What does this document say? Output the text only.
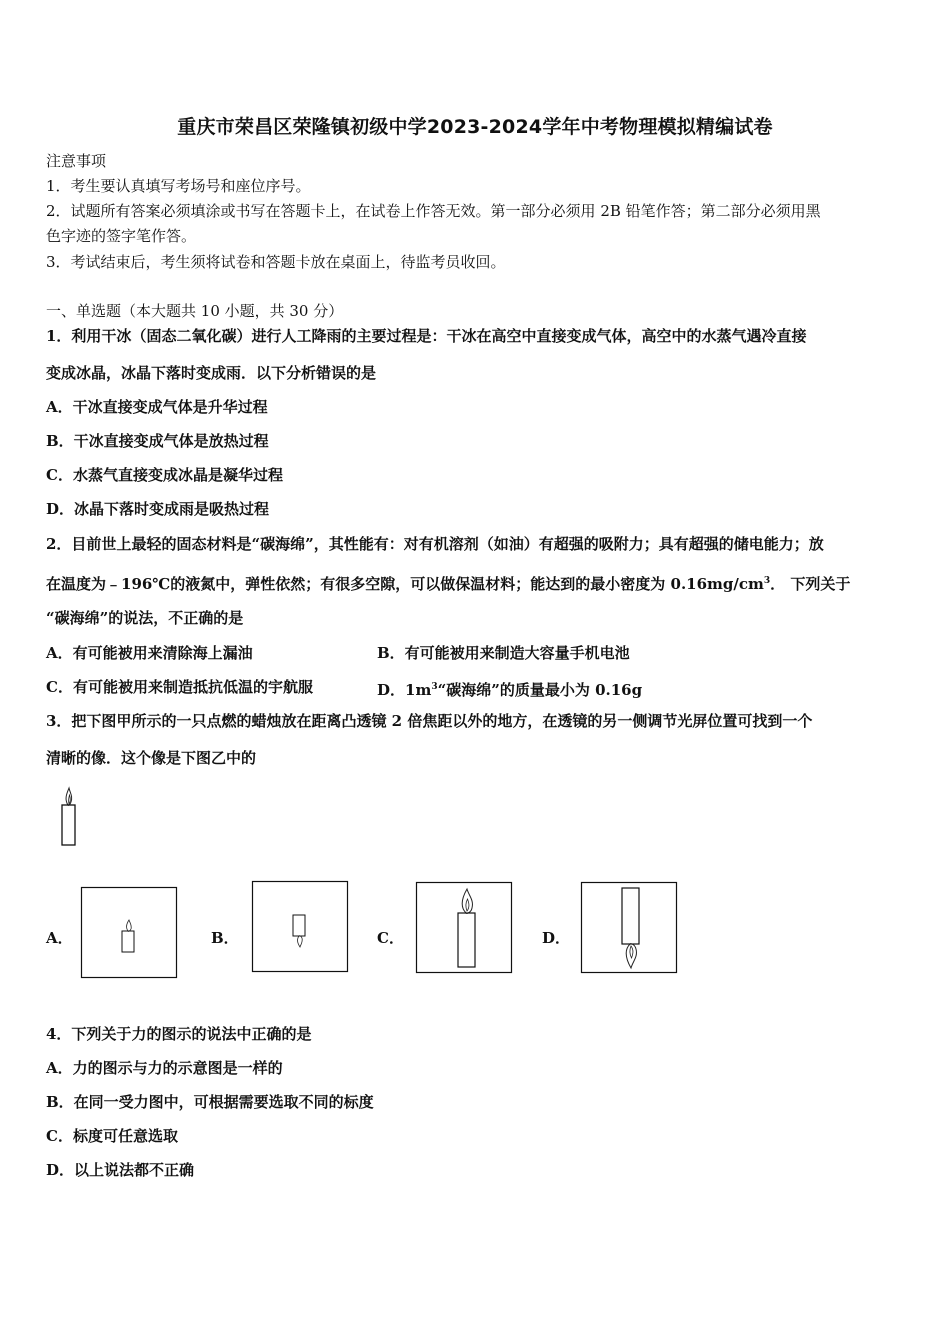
重庆市荣昌区荣隆镇初级中学2023-2024学年中考物理模拟精编试卷
注意事项
1．考生要认真填写考场号和座位序号。
2．试题所有答案必须填涂或书写在答题卡上，在试卷上作答无效。第一部分必须用 2B 铅笔作答；第二部分必须用黑
色字迹的签字笔作答。
3．考试结束后，考生须将试卷和答题卡放在桌面上，待监考员收回。
一、单选题（本大题共 10 小题，共 30 分）
1．利用干冰（固态二氧化碳）进行人工降雨的主要过程是：干冰在高空中直接变成气体，高空中的水蒸气遇冷直接
变成冰晶，冰晶下落时变成雨．以下分析错误的是
A．干冰直接变成气体是升华过程
B．干冰直接变成气体是放热过程
C．水蒸气直接变成冰晶是凝华过程
D．冰晶下落时变成雨是吸热过程
2．目前世上最轻的固态材料是“碳海绵”，其性能有：对有机溶剂（如油）有超强的吸附力；具有超强的储电能力；放
在温度为﹣196℃的液氮中，弹性依然；有很多空隙，可以做保温材料；能达到的最小密度为 $0.16mg/cm^3$． 下列关于
“碳海绵”的说法，不正确的是
A．有可能被用来清除海上漏油	B．有可能被用来制造大容量手机电池
C．有可能被用来制造抵抗低温的宇航服	D．$1m^3“$碳海绵”的质量最小为 0.16g
3．把下图甲所示的一只点燃的蜡烛放在距离凸透镜 2 倍焦距以外的地方，在透镜的另一侧调节光屏位置可找到一个
清晰的像．这个像是下图乙中的
A．	B．	C．	D．
4．下列关于力的图示的说法中正确的是
A．力的图示与力的示意图是一样的
B．在同一受力图中，可根据需要选取不同的标度
C．标度可任意选取
D．以上说法都不正确
